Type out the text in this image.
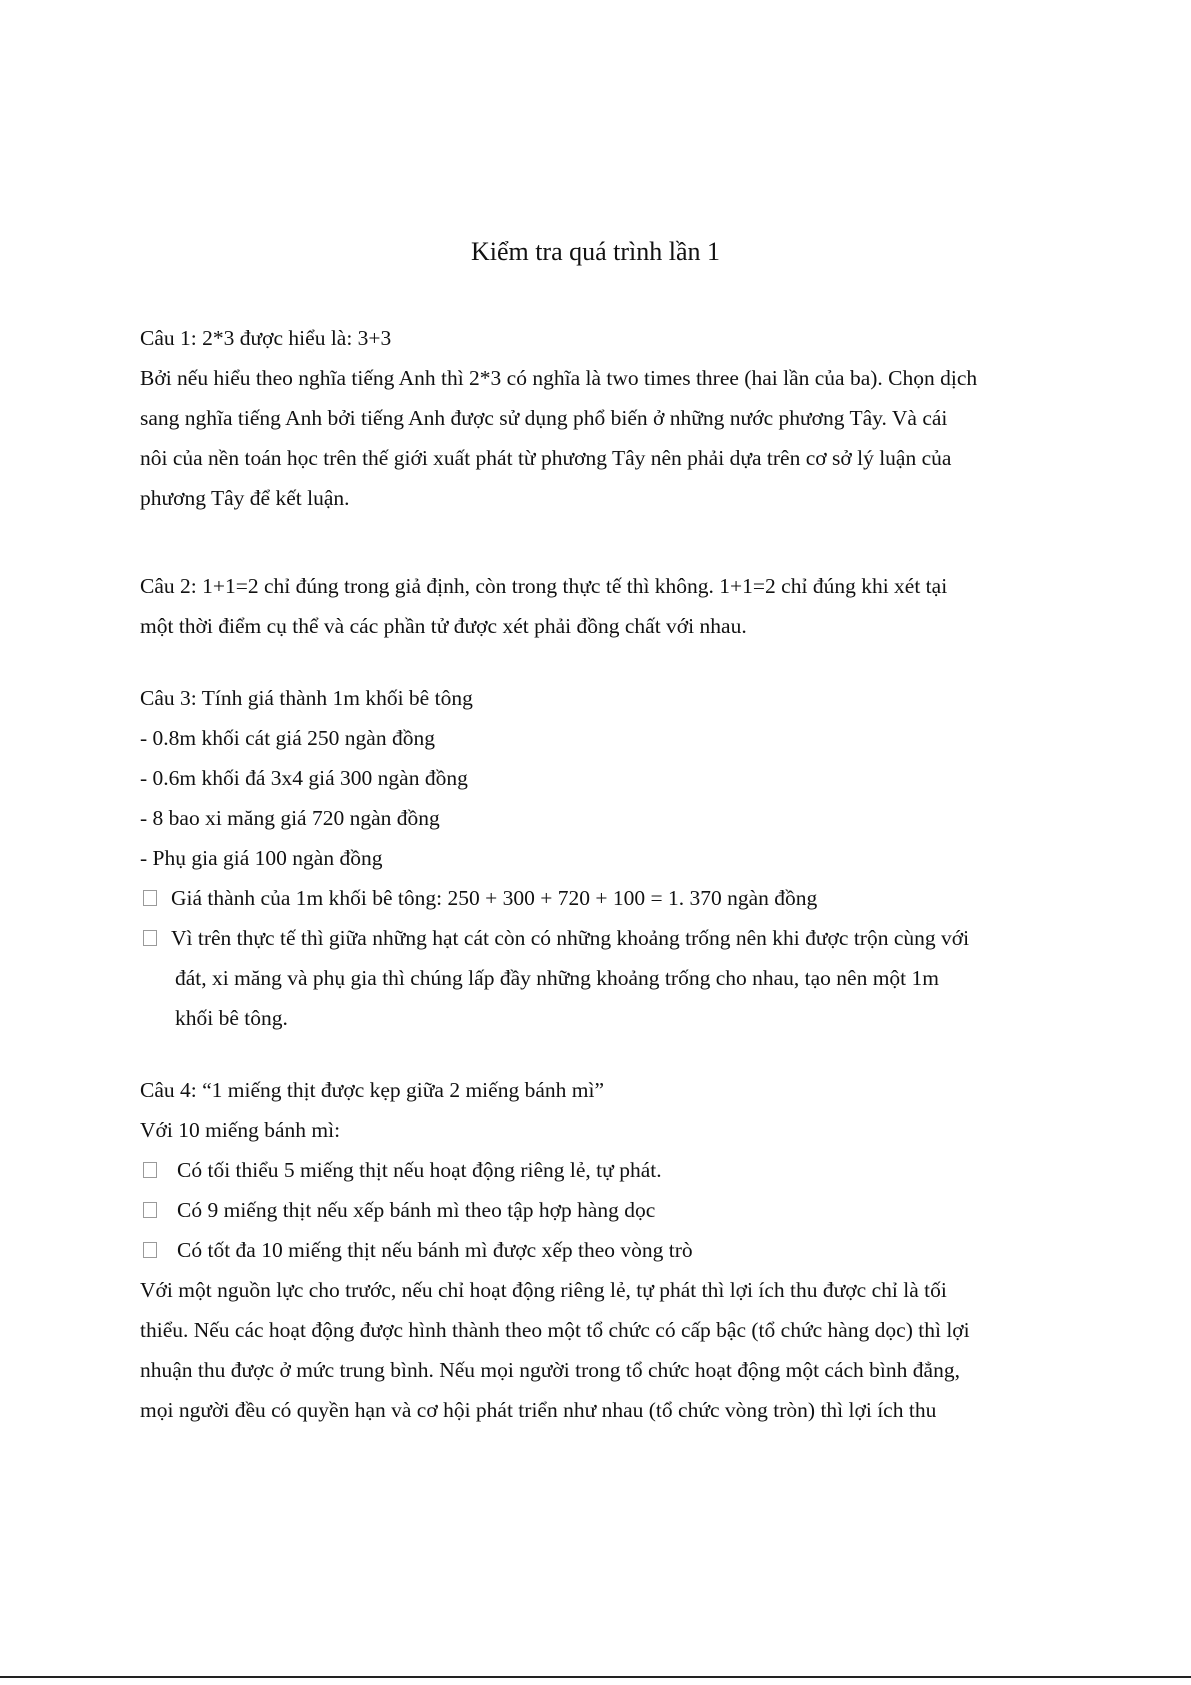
Kiểm tra quá trình lần 1
Câu 1: 2*3 được hiểu là: 3+3
Bởi nếu hiểu theo nghĩa tiếng Anh thì 2*3 có nghĩa là two times three (hai lần của ba). Chọn dịch
sang nghĩa tiếng Anh bởi tiếng Anh được sử dụng phổ biến ở những nước phương Tây. Và cái
nôi của nền toán học trên thế giới xuất phát từ phương Tây nên phải dựa trên cơ sở lý luận của
phương Tây để kết luận.
Câu 2: 1+1=2 chỉ đúng trong giả định, còn trong thực tế thì không. 1+1=2 chỉ đúng khi xét tại
một thời điểm cụ thể và các phần tử được xét phải đồng chất với nhau.
Câu 3: Tính giá thành 1m khối bê tông
- 0.8m khối cát giá 250 ngàn đồng
- 0.6m khối đá 3x4 giá 300 ngàn đồng
- 8 bao xi măng giá 720 ngàn đồng
- Phụ gia giá 100 ngàn đồng
Giá thành của 1m khối bê tông: 250 + 300 + 720 + 100 = 1. 370 ngàn đồng
Vì trên thực tế thì giữa những hạt cát còn có những khoảng trống nên khi được trộn cùng với
đát, xi măng và phụ gia thì chúng lấp đầy những khoảng trống cho nhau, tạo nên một 1m
khối bê tông.
Câu 4: “1 miếng thịt được kẹp giữa 2 miếng bánh mì”
Với 10 miếng bánh mì:
Có tối thiểu 5 miếng thịt nếu hoạt động riêng lẻ, tự phát.
Có 9 miếng thịt nếu xếp bánh mì theo tập hợp hàng dọc
Có tốt đa 10 miếng thịt nếu bánh mì được xếp theo vòng trò
Với một nguồn lực cho trước, nếu chỉ hoạt động riêng lẻ, tự phát thì lợi ích thu được chỉ là tối
thiểu. Nếu các hoạt động được hình thành theo một tổ chức có cấp bậc (tổ chức hàng dọc) thì lợi
nhuận thu được ở mức trung bình. Nếu mọi người trong tổ chức hoạt động một cách bình đẳng,
mọi người đều có quyền hạn và cơ hội phát triển như nhau (tổ chức vòng tròn) thì lợi ích thu
